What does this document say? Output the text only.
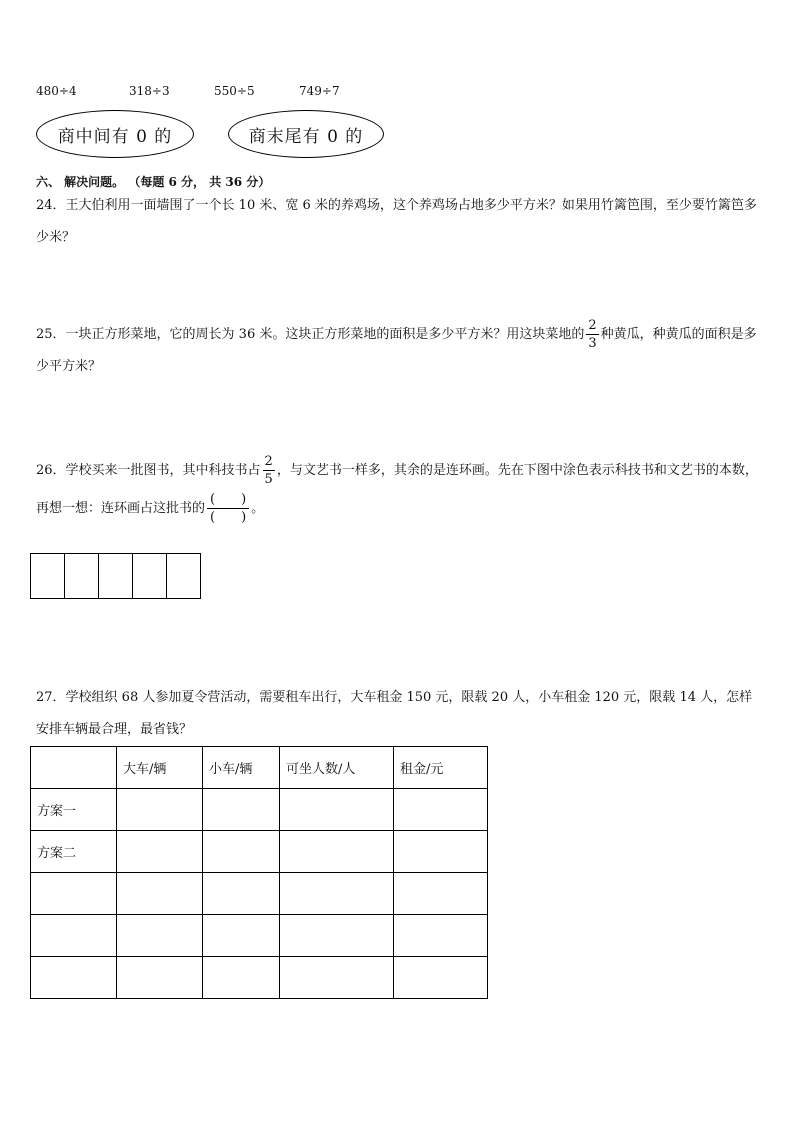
480÷4	318÷3	550÷5	749÷7
商中间有 0 的	商末尾有 0 的
六、 解决问题。 （每题 6 分， 共 36 分）
24．王大伯利用一面墙围了一个长 10 米、宽 6 米的养鸡场，这个养鸡场占地多少平方米？如果用竹篱笆围，至少要竹篱笆多少米？
25．一块正方形菜地，它的周长为 36 米。这块正方形菜地的面积是多少平方米？用这块菜地的 $\frac{2}{3}$ 种黄瓜，种黄瓜的面积是多少平方米？
26．学校买来一批图书，其中科技书占 $\frac{2}{5}$ ，与文艺书一样多，其余的是连环画。先在下图中涂色表示科技书和文艺书的本数，再想一想：连环画占这批书的 $\frac{( )}{( )}$ 。
27．学校组织 68 人参加夏令营活动，需要租车出行，大车租金 150 元，限载 20 人，小车租金 120 元，限载 14 人，怎样安排车辆最合理，最省钱？
	大车/辆	小车/辆	可坐人数/人	租金/元
方案一				
方案二				
